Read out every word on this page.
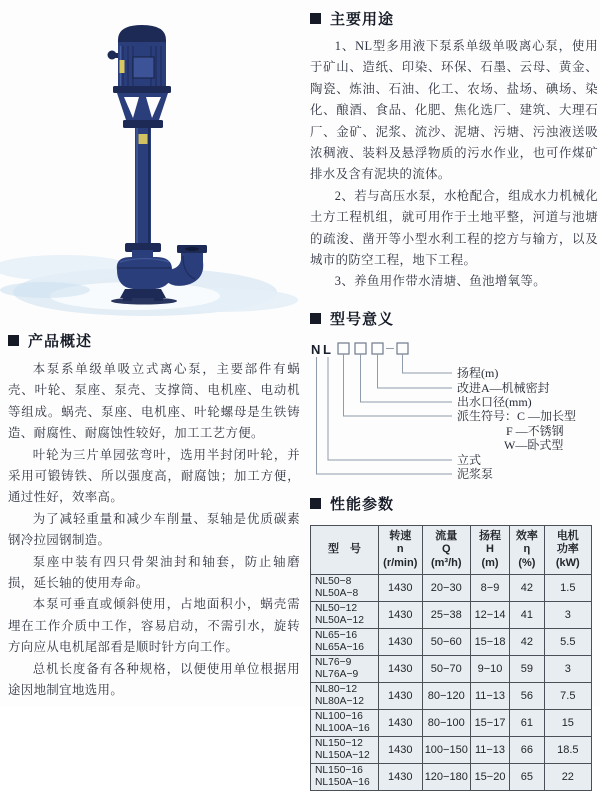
产品概述

本泵系单级单吸立式离心泵，主要部件有蜗壳、叶轮、泵座、泵壳、支撑筒、电机座、电动机等组成。蜗壳、泵座、电机座、叶轮螺母是生铁铸造、耐腐性、耐腐蚀性较好，加工工艺方便。

叶轮为三片单园弦弯叶，选用半封闭叶轮，并采用可锻铸铁、所以强度高，耐腐蚀；加工方便，通过性好，效率高。

为了减轻重量和减少车削量、泵轴是优质碳素钢冷拉园钢制造。

泵座中装有四只骨架油封和轴套，防止轴磨损，延长轴的使用寿命。

本泵可垂直或倾斜使用，占地面积小，蜗壳需埋在工作介质中工作，容易启动，不需引水，旋转方向应从电机尾部看是顺时针方向工作。

总机长度备有各种规格，以便使用单位根据用途因地制宜地选用。

主要用途

1、NL型多用液下泵系单级单吸离心泵，使用于矿山、造纸、印染、环保、石墨、云母、黄金、陶瓷、炼油、石油、化工、农场、盐场、碘场、染化、酿酒、食品、化肥、焦化选厂、建筑、大理石厂、金矿、泥浆、流沙、泥塘、污塘、污浊液送吸浓稠液、装料及悬浮物质的污水作业，也可作煤矿排水及含有泥块的流体。

2、若与高压水泵，水枪配合，组成水力机械化土方工程机组，就可用作于土地平整，河道与池塘的疏浚、凿开等小型水利工程的挖方与输方，以及城市的防空工程，地下工程。

3、养鱼用作带水清塘、鱼池增氧等。

型号意义
N L
扬程(m)
改进A—机械密封
出水口径(mm)
派生符号：C —加长型
F —不锈钢
W—卧式型
立式
泥浆泵
性能参数
型　号	转速
n
(r/min)	流量
Q
(m³/h)	扬程
H
(m)	效率
η
(%)	电机
功率
(kW)
NL50−8
NL50A−8	1430	20−30	8−9	42	1.5
NL50−12
NL50A−12	1430	25−38	12−14	41	3
NL65−16
NL65A−16	1430	50−60	15−18	42	5.5
NL76−9
NL76A−9	1430	50−70	9−10	59	3
NL80−12
NL80A−12	1430	80−120	11−13	56	7.5
NL100−16
NL100A−16	1430	80−100	15−17	61	15
NL150−12
NL150A−12	1430	100−150	11−13	66	18.5
NL150−16
NL150A−16	1430	120−180	15−20	65	22
